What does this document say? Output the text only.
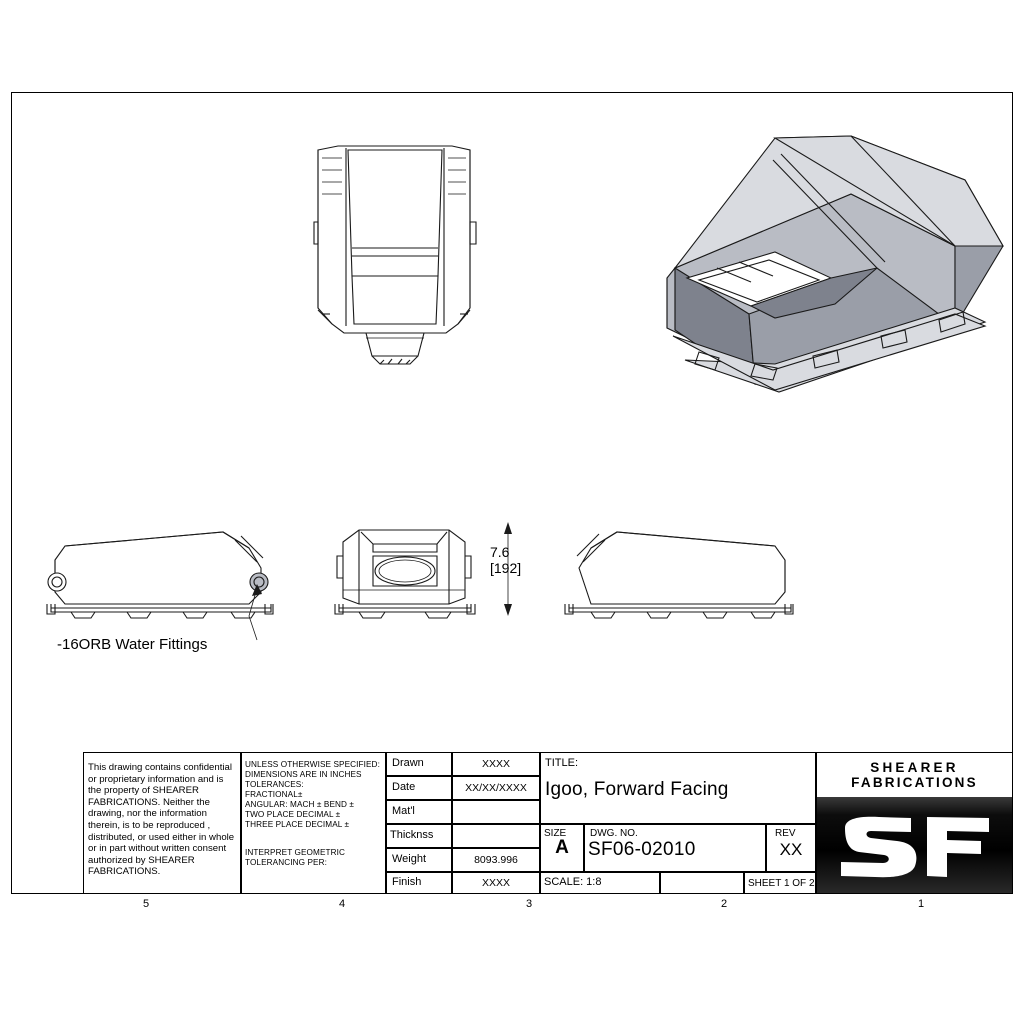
-16ORB Water Fittings
7.6
[192]
This drawing contains confidential or proprietary information and is the property of SHEARER FABRICATIONS. Neither the drawing, nor the information therein, is to be reproduced , distributed, or used either in whole or in part without written consent authorized by SHEARER FABRICATIONS.
UNLESS OTHERWISE SPECIFIED:
DIMENSIONS ARE IN INCHES
TOLERANCES:
FRACTIONAL±
ANGULAR: MACH ± BEND ±
TWO PLACE DECIMAL ±
THREE PLACE DECIMAL ±
INTERPRET GEOMETRIC
TOLERANCING PER:
Drawn	XXXX
Date	XX/XX/XXXX
Mat'l
Thicknss
Weight	8093.996
Finish	XXXX
TITLE:
Igoo, Forward Facing
SIZE
A
DWG. NO.
SF06-02010
REV
XX
SCALE: 1:8	SHEET 1 OF 2
SHEARER
FABRICATIONS
5	4	3	2	1
